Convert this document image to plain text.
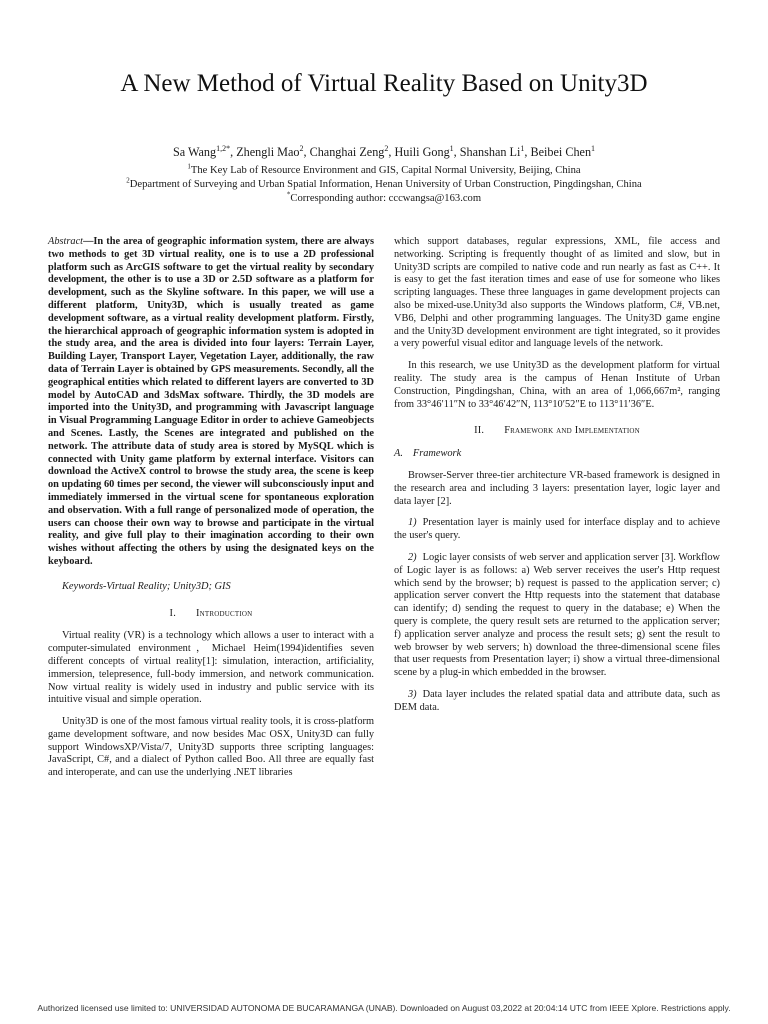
A New Method of Virtual Reality Based on Unity3D
Sa Wang$^{1,2*}$, Zhengli Mao$^2$, Changhai Zeng$^2$, Huili Gong$^1$, Shanshan Li$^1$, Beibei Chen$^1$
$^1$The Key Lab of Resource Environment and GIS, Capital Normal University, Beijing, China
$^2$Department of Surveying and Urban Spatial Information, Henan University of Urban Construction, Pingdingshan, China
*Corresponding author: cccwangsa@163.com

Abstract—In the area of geographic information system, there are always two methods to get 3D virtual reality, one is to use a 2D professional platform such as ArcGIS software to get the virtual reality by secondary development, the other is to use a 3D or 2.5D software as a platform for development, such as the Skyline software. In this paper, we will use a different platform, Unity3D, which is usually treated as game development software, as a virtual reality development platform. Firstly, the hierarchical approach of geographic information system is adopted in the study area, and the area is divided into four layers: Terrain Layer, Building Layer, Transport Layer, Vegetation Layer, additionally, the raw data of Terrain Layer is obtained by GPS measurements. Secondly, all the geographical entities which related to different layers are converted to 3D model by AutoCAD and 3dsMax software. Thirdly, the 3D models are imported into the Unity3D, and programming with Javascript language in Visual Programming Language Editor in order to achieve Gameobjects and Scenes. Lastly, the Scenes are integrated and published on the network. The attribute data of study area is stored by MySQL which is connected with Unity game platform by external interface. Visitors can download the ActiveX control to browse the study area, the scene is keep on updating 60 times per second, the viewer will subconsciously input and immediately immersed in the virtual scene for spontaneous exploration and observation. With a full range of personalized mode of operation, the users can choose their own way to browse and participate in the virtual reality, and give full play to their imagination according to their own wishes without affecting the others by using the designated keys on the keyboard.

Keywords-Virtual Reality; Unity3D; GIS

I. Introduction

Virtual reality (VR) is a technology which allows a user to interact with a computer-simulated environment，Michael Heim(1994)identifies seven different concepts of virtual reality[1]: simulation, interaction, artificiality, immersion, telepresence, full-body immersion, and network communication. Now virtual reality is widely used in industry and public service with its intuitive visual and simple operation.

Unity3D is one of the most famous virtual reality tools, it is cross-platform game development software, and now besides Mac OSX, Unity3D can fully support WindowsXP/Vista/7, Unity3D supports three scripting languages: JavaScript, C#, and a dialect of Python called Boo. All three are equally fast and interoperate, and can use the underlying .NET libraries

which support databases, regular expressions, XML, file access and networking. Scripting is frequently thought of as limited and slow, but in Unity3D scripts are compiled to native code and run nearly as fast as C++. It is easy to get the fast iteration times and ease of use for someone who likes scripting languages. These three languages in game development projects can also be mixed-use.Unity3d also supports the Windows platform, C#, VB.net, VB6, Delphi and other programming languages. The Unity3D game engine and the Unity3D development environment are tight integrated, so it provides a very powerful visual editor and language levels of the network.

In this research, we use Unity3D as the development platform for virtual reality. The study area is the campus of Henan Institute of Urban Construction, Pingdingshan, China, with an area of 1,066,667m², ranging from 33°46′11″N to 33°46′42″N, 113°10′52″E to 113°11′36″E.

II. Framework and Implementation

A. Framework

Browser-Server three-tier architecture VR-based framework is designed in the research area and including 3 layers: presentation layer, logic layer and data layer [2].

1) Presentation layer is mainly used for interface display and to achieve the user's query.

2) Logic layer consists of web server and application server [3]. Workflow of Logic layer is as follows: a) Web server receives the user's Http request which send by the browser; b) request is passed to the application server; c) application server convert the Http requests into the statement that database can identify; d) sending the request to query in the database; e) When the query is complete, the query result sets are returned to the application server; f) application server analyze and process the result sets; g) sent the result to web browser by web servers; h) download the three-dimensional scene files that user requests from Presentation layer; i) show a virtual three-dimensional scene by a plug-in which embedded in the browser.

3) Data layer includes the related spatial data and attribute data, such as DEM data.

Authorized licensed use limited to: UNIVERSIDAD AUTONOMA DE BUCARAMANGA (UNAB). Downloaded on August 03,2022 at 20:04:14 UTC from IEEE Xplore. Restrictions apply.
